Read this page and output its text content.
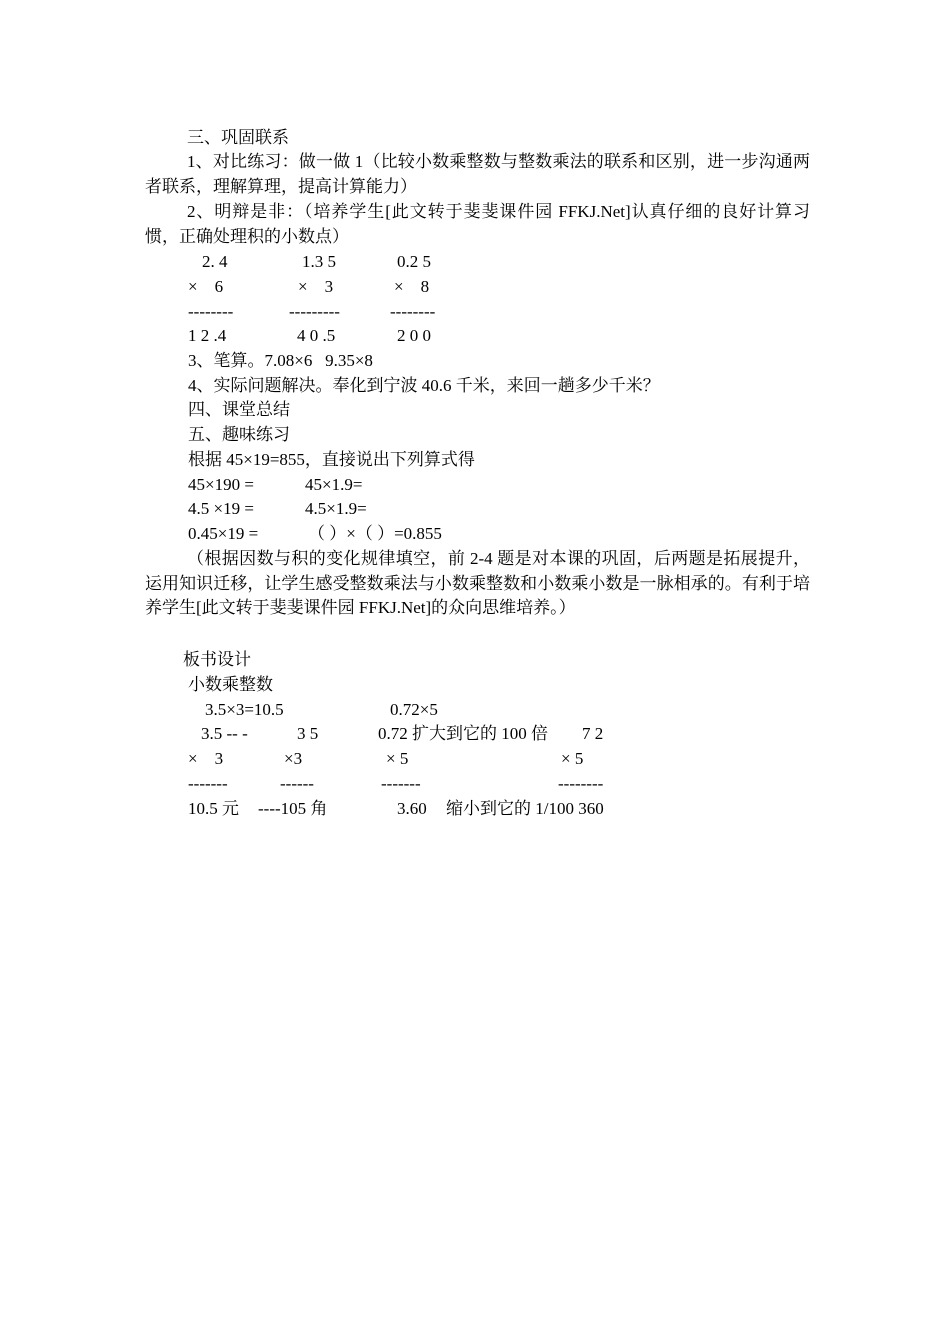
三、巩固联系
1、对比练习：做一做 1（比较小数乘整数与整数乘法的联系和区别，进一步沟通两者联系，理解算理，提高计算能力）
2、明辩是非：（培养学生[此文转于斐斐课件园 FFKJ.Net]认真仔细的良好计算习惯，正确处理积的小数点）
2. 4	1.3 5	0.2 5
×　6	×　3	×　8
--------	---------	--------
1 2 .4	4 0 .5	2 0 0
3、笔算。7.08×6   9.35×8
4、实际问题解决。奉化到宁波 40.6 千米，来回一趟多少千米？
四、课堂总结
五、趣味练习
根据 45×19=855，直接说出下列算式得
45×190 =	45×1.9=
4.5 ×19 =	4.5×1.9=
0.45×19 =	（ ）×（ ）=0.855
（根据因数与积的变化规律填空，前 2-4 题是对本课的巩固，后两题是拓展提升，运用知识迁移，让学生感受整数乘法与小数乘整数和小数乘小数是一脉相承的。有利于培养学生[此文转于斐斐课件园 FFKJ.Net]的众向思维培养。）
板书设计
小数乘整数
3.5×3=10.5	0.72×5
3.5 -- -	3 5	0.72 扩大到它的 100 倍 7 2
×　3	×3	× 5	× 5
-------	------	-------	--------
10.5 元 ----105 角	3.60 缩小到它的 1/100 360
